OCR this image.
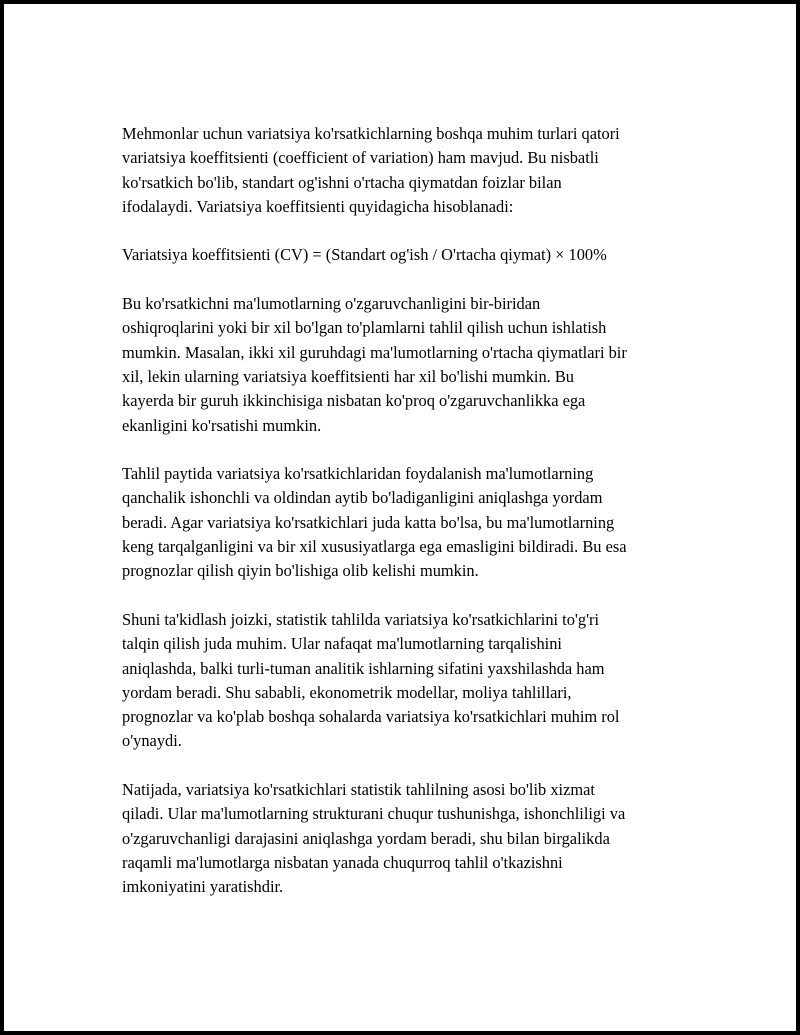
Mehmonlar uchun variatsiya ko'rsatkichlarning boshqa muhim turlari qatori
variatsiya koeffitsienti (coefficient of variation) ham mavjud. Bu nisbatli
ko'rsatkich bo'lib, standart og'ishni o'rtacha qiymatdan foizlar bilan
ifodalaydi. Variatsiya koeffitsienti quyidagicha hisoblanadi:

Variatsiya koeffitsienti (CV) = (Standart og'ish / O'rtacha qiymat) × 100%

Bu ko'rsatkichni ma'lumotlarning o'zgaruvchanligini bir-biridan
oshiqroqlarini yoki bir xil bo'lgan to'plamlarni tahlil qilish uchun ishlatish
mumkin. Masalan, ikki xil guruhdagi ma'lumotlarning o'rtacha qiymatlari bir
xil, lekin ularning variatsiya koeffitsienti har xil bo'lishi mumkin. Bu
kayerda bir guruh ikkinchisiga nisbatan ko'proq o'zgaruvchanlikka ega
ekanligini ko'rsatishi mumkin.

Tahlil paytida variatsiya ko'rsatkichlaridan foydalanish ma'lumotlarning
qanchalik ishonchli va oldindan aytib bo'ladiganligini aniqlashga yordam
beradi. Agar variatsiya ko'rsatkichlari juda katta bo'lsa, bu ma'lumotlarning
keng tarqalganligini va bir xil xususiyatlarga ega emasligini bildiradi. Bu esa
prognozlar qilish qiyin bo'lishiga olib kelishi mumkin.

Shuni ta'kidlash joizki, statistik tahlilda variatsiya ko'rsatkichlarini to'g'ri
talqin qilish juda muhim. Ular nafaqat ma'lumotlarning tarqalishini
aniqlashda, balki turli-tuman analitik ishlarning sifatini yaxshilashda ham
yordam beradi. Shu sababli, ekonometrik modellar, moliya tahlillari,
prognozlar va ko'plab boshqa sohalarda variatsiya ko'rsatkichlari muhim rol
o'ynaydi.

Natijada, variatsiya ko'rsatkichlari statistik tahlilning asosi bo'lib xizmat
qiladi. Ular ma'lumotlarning strukturani chuqur tushunishga, ishonchliligi va
o'zgaruvchanligi darajasini aniqlashga yordam beradi, shu bilan birgalikda
raqamli ma'lumotlarga nisbatan yanada chuqurroq tahlil o'tkazishni
imkoniyatini yaratishdir.
